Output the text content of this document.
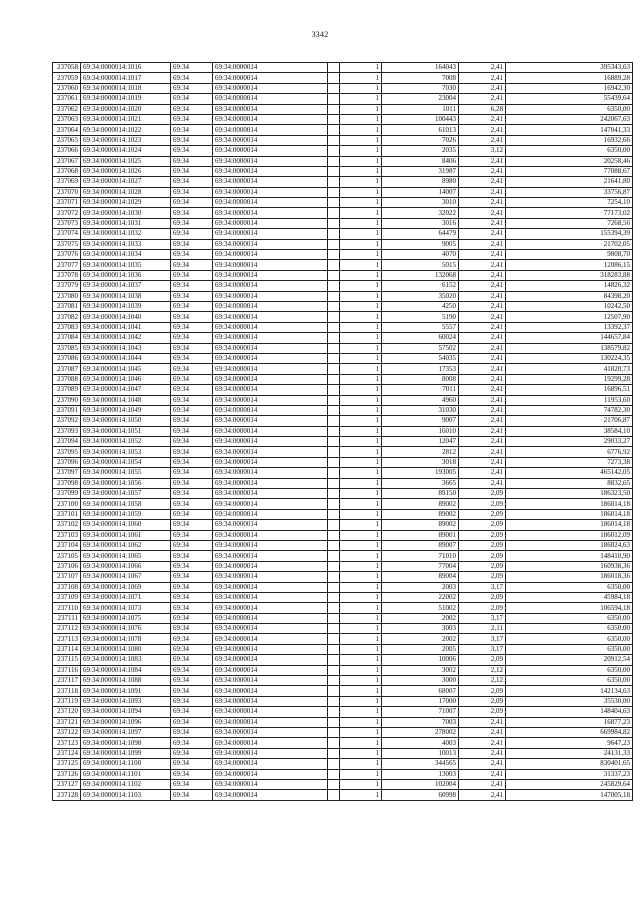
3342
237058	69:34:0000014:1016	69:34	69:34:0000014		1	164043	2,41	395343,63
237059	69:34:0000014:1017	69:34	69:34:0000014		1	7008	2,41	16889,28
237060	69:34:0000014:1018	69:34	69:34:0000014		1	7030	2,41	16942,30
237061	69:34:0000014:1019	69:34	69:34:0000014		1	23004	2,41	55439,64
237062	69:34:0000014:1020	69:34	69:34:0000014		1	1011	6,28	6350,00
237063	69:34:0000014:1021	69:34	69:34:0000014		1	100443	2,41	242067,63
237064	69:34:0000014:1022	69:34	69:34:0000014		1	61013	2,41	147041,33
237065	69:34:0000014:1023	69:34	69:34:0000014		1	7026	2,41	16932,66
237066	69:34:0000014:1024	69:34	69:34:0000014		1	2035	3,12	6350,00
237067	69:34:0000014:1025	69:34	69:34:0000014		1	8406	2,41	20258,46
237068	69:34:0000014:1026	69:34	69:34:0000014		1	31987	2,41	77088,67
237069	69:34:0000014:1027	69:34	69:34:0000014		1	8980	2,41	21641,80
237070	69:34:0000014:1028	69:34	69:34:0000014		1	14007	2,41	33756,87
237071	69:34:0000014:1029	69:34	69:34:0000014		1	3010	2,41	7254,10
237072	69:34:0000014:1030	69:34	69:34:0000014		1	32022	2,41	77173,02
237073	69:34:0000014:1031	69:34	69:34:0000014		1	3016	2,41	7268,56
237074	69:34:0000014:1032	69:34	69:34:0000014		1	64479	2,41	155394,39
237075	69:34:0000014:1033	69:34	69:34:0000014		1	9005	2,41	21702,05
237076	69:34:0000014:1034	69:34	69:34:0000014		1	4070	2,41	9808,70
237077	69:34:0000014:1035	69:34	69:34:0000014		1	5015	2,41	12086,15
237078	69:34:0000014:1036	69:34	69:34:0000014		1	132068	2,41	318283,88
237079	69:34:0000014:1037	69:34	69:34:0000014		1	6152	2,41	14826,32
237080	69:34:0000014:1038	69:34	69:34:0000014		1	35020	2,41	84398,20
237081	69:34:0000014:1039	69:34	69:34:0000014		1	4250	2,41	10242,50
237082	69:34:0000014:1040	69:34	69:34:0000014		1	5190	2,41	12507,90
237083	69:34:0000014:1041	69:34	69:34:0000014		1	5557	2,41	13392,37
237084	69:34:0000014:1042	69:34	69:34:0000014		1	60024	2,41	144657,84
237085	69:34:0000014:1043	69:34	69:34:0000014		1	57502	2,41	138579,82
237086	69:34:0000014:1044	69:34	69:34:0000014		1	54035	2,41	130224,35
237087	69:34:0000014:1045	69:34	69:34:0000014		1	17353	2,41	41820,73
237088	69:34:0000014:1046	69:34	69:34:0000014		1	8008	2,41	19299,28
237089	69:34:0000014:1047	69:34	69:34:0000014		1	7011	2,41	16896,51
237090	69:34:0000014:1048	69:34	69:34:0000014		1	4960	2,41	11953,60
237091	69:34:0000014:1049	69:34	69:34:0000014		1	31030	2,41	74782,30
237092	69:34:0000014:1050	69:34	69:34:0000014		1	9007	2,41	21706,87
237093	69:34:0000014:1051	69:34	69:34:0000014		1	16010	2,41	38584,10
237094	69:34:0000014:1052	69:34	69:34:0000014		1	12047	2,41	29033,27
237095	69:34:0000014:1053	69:34	69:34:0000014		1	2812	2,41	6776,92
237096	69:34:0000014:1054	69:34	69:34:0000014		1	3018	2,41	7273,38
237097	69:34:0000014:1055	69:34	69:34:0000014		1	193005	2,41	465142,05
237098	69:34:0000014:1056	69:34	69:34:0000014		1	3665	2,41	8832,65
237099	69:34:0000014:1057	69:34	69:34:0000014		1	89150	2,09	186323,50
237100	69:34:0000014:1058	69:34	69:34:0000014		1	89002	2,09	186014,18
237101	69:34:0000014:1059	69:34	69:34:0000014		1	89002	2,09	186014,18
237102	69:34:0000014:1060	69:34	69:34:0000014		1	89002	2,09	186014,18
237103	69:34:0000014:1061	69:34	69:34:0000014		1	89001	2,09	186012,09
237104	69:34:0000014:1062	69:34	69:34:0000014		1	89007	2,09	186024,63
237105	69:34:0000014:1065	69:34	69:34:0000014		1	71010	2,09	148410,90
237106	69:34:0000014:1066	69:34	69:34:0000014		1	77004	2,09	160938,36
237107	69:34:0000014:1067	69:34	69:34:0000014		1	89004	2,09	186018,36
237108	69:34:0000014:1069	69:34	69:34:0000014		1	2003	3,17	6350,00
237109	69:34:0000014:1071	69:34	69:34:0000014		1	22002	2,09	45984,18
237110	69:34:0000014:1073	69:34	69:34:0000014		1	51002	2,09	106594,18
237111	69:34:0000014:1075	69:34	69:34:0000014		1	2002	3,17	6350,00
237112	69:34:0000014:1076	69:34	69:34:0000014		1	3003	2,11	6350,00
237113	69:34:0000014:1078	69:34	69:34:0000014		1	2002	3,17	6350,00
237114	69:34:0000014:1080	69:34	69:34:0000014		1	2005	3,17	6350,00
237115	69:34:0000014:1083	69:34	69:34:0000014		1	10006	2,09	20912,54
237116	69:34:0000014:1084	69:34	69:34:0000014		1	3002	2,12	6350,00
237117	69:34:0000014:1088	69:34	69:34:0000014		1	3000	2,12	6350,00
237118	69:34:0000014:1091	69:34	69:34:0000014		1	68007	2,09	142134,63
237119	69:34:0000014:1093	69:34	69:34:0000014		1	17000	2,09	35530,00
237120	69:34:0000014:1094	69:34	69:34:0000014		1	71007	2,09	148404,63
237121	69:34:0000014:1096	69:34	69:34:0000014		1	7003	2,41	16877,23
237122	69:34:0000014:1097	69:34	69:34:0000014		1	278002	2,41	669984,82
237123	69:34:0000014:1098	69:34	69:34:0000014		1	4003	2,41	9647,23
237124	69:34:0000014:1099	69:34	69:34:0000014		1	10013	2,41	24131,33
237125	69:34:0000014:1100	69:34	69:34:0000014		1	344565	2,41	830401,65
237126	69:34:0000014:1101	69:34	69:34:0000014		1	13003	2,41	31337,23
237127	69:34:0000014:1102	69:34	69:34:0000014		1	102004	2,41	245829,64
237128	69:34:0000014:1103	69:34	69:34:0000014		1	60998	2,41	147005,18
